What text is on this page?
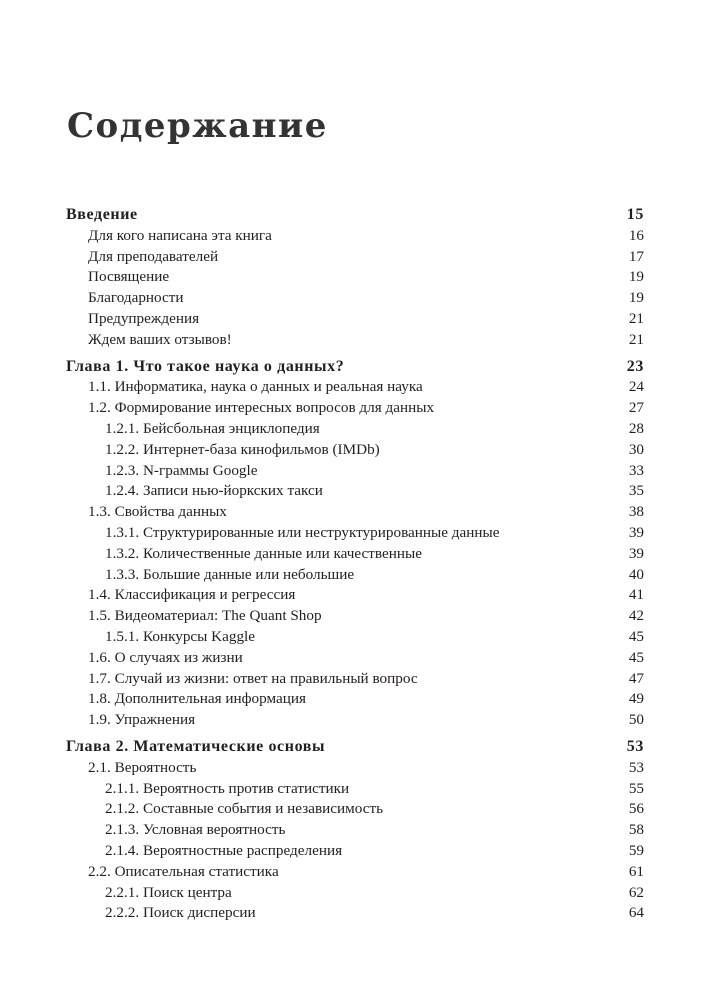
Содержание
Введение	15
Для кого написана эта книга	16
Для преподавателей	17
Посвящение	19
Благодарности	19
Предупреждения	21
Ждем ваших отзывов!	21
Глава 1. Что такое наука о данных?	23
1.1. Информатика, наука о данных и реальная наука	24
1.2. Формирование интересных вопросов для данных	27
1.2.1. Бейсбольная энциклопедия	28
1.2.2. Интернет-база кинофильмов (IMDb)	30
1.2.3. N-граммы Google	33
1.2.4. Записи нью-йоркских такси	35
1.3. Свойства данных	38
1.3.1. Структурированные или неструктурированные данные	39
1.3.2. Количественные данные или качественные	39
1.3.3. Большие данные или небольшие	40
1.4. Классификация и регрессия	41
1.5. Видеоматериал: The Quant Shop	42
1.5.1. Конкурсы Kaggle	45
1.6. О случаях из жизни	45
1.7. Случай из жизни: ответ на правильный вопрос	47
1.8. Дополнительная информация	49
1.9. Упражнения	50
Глава 2. Математические основы	53
2.1. Вероятность	53
2.1.1. Вероятность против статистики	55
2.1.2. Составные события и независимость	56
2.1.3. Условная вероятность	58
2.1.4. Вероятностные распределения	59
2.2. Описательная статистика	61
2.2.1. Поиск центра	62
2.2.2. Поиск дисперсии	64
